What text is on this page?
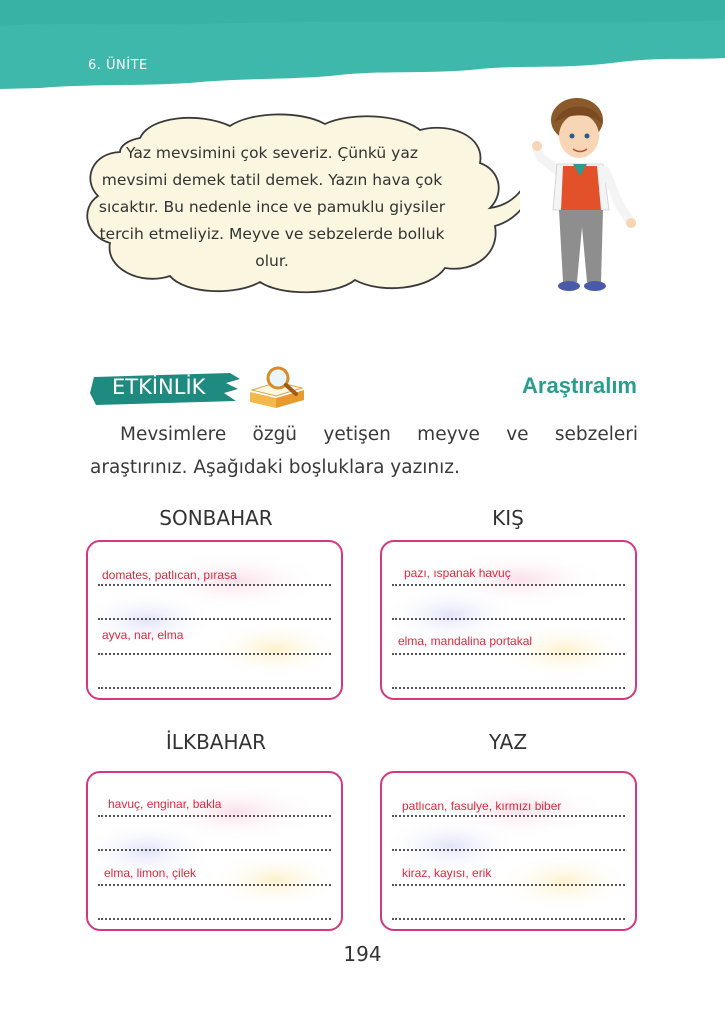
6. ÜNİTE
Yaz mevsimini çok severiz. Çünkü yaz mevsimi demek tatil demek. Yazın hava çok sıcaktır. Bu nedenle ince ve pamuklu giysiler tercih etmeliyiz. Meyve ve sebzelerde bolluk olur.
ETKİNLİK	Araştıralım
Mevsimlere özgü yetişen meyve ve sebzeleri araştırınız. Aşağıdaki boşluklara yazınız.
SONBAHAR	KIŞ
İLKBAHAR	YAZ
domates, patlıcan, pırasa
ayva, nar, elma
pazı, ıspanak havuç
elma, mandalina portakal
havuç, enginar, bakla
elma, limon, çilek
patlıcan, fasulye, kırmızı biber
kiraz, kayısı, erik
194
